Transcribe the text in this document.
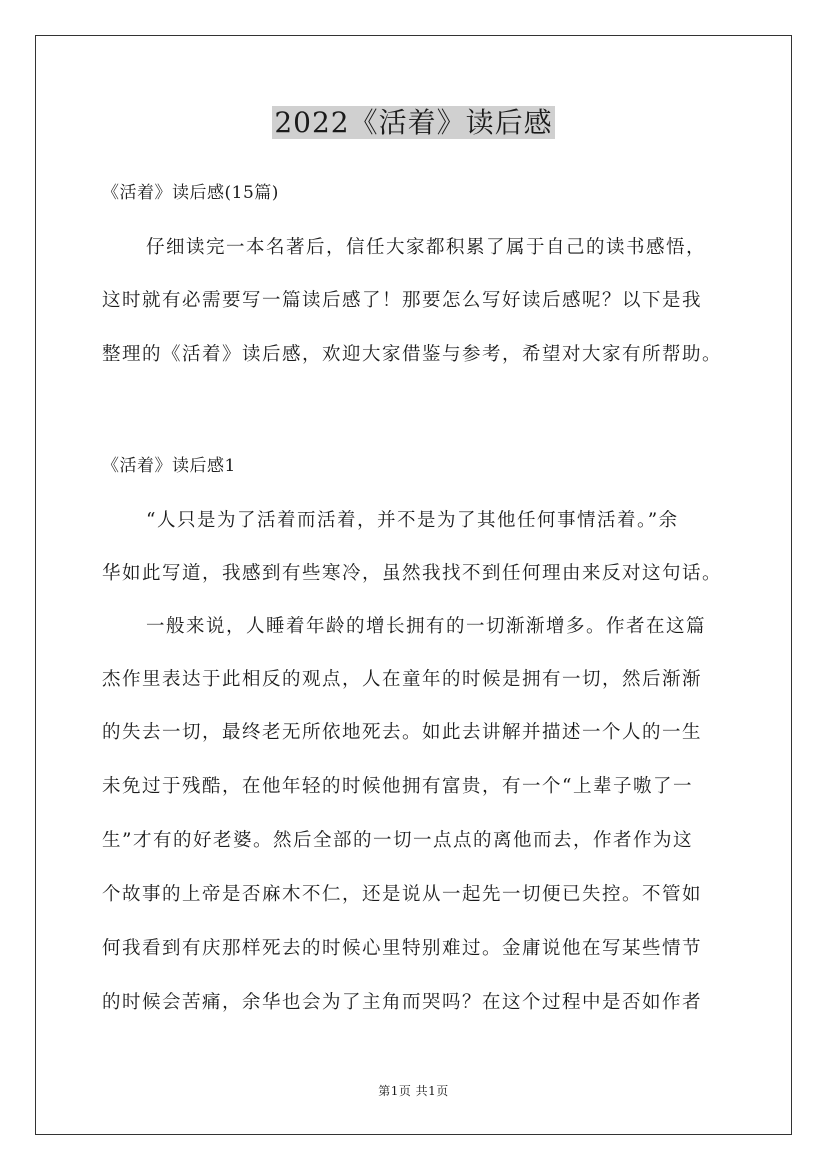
2022《活着》读后感
《活着》读后感(15篇)
仔细读完一本名著后，信任大家都积累了属于自己的读书感悟，
这时就有必需要写一篇读后感了！那要怎么写好读后感呢？以下是我
整理的《活着》读后感，欢迎大家借鉴与参考，希望对大家有所帮助。
《活着》读后感1
“人只是为了活着而活着，并不是为了其他任何事情活着。”余
华如此写道，我感到有些寒冷，虽然我找不到任何理由来反对这句话。
一般来说，人睡着年龄的增长拥有的一切渐渐增多。作者在这篇
杰作里表达于此相反的观点，人在童年的时候是拥有一切，然后渐渐
的失去一切，最终老无所依地死去。如此去讲解并描述一个人的一生
未免过于残酷，在他年轻的时候他拥有富贵，有一个“上辈子嗷了一
生”才有的好老婆。然后全部的一切一点点的离他而去，作者作为这
个故事的上帝是否麻木不仁，还是说从一起先一切便已失控。不管如
何我看到有庆那样死去的时候心里特别难过。金庸说他在写某些情节
的时候会苦痛，余华也会为了主角而哭吗？在这个过程中是否如作者
第1页 共1页
